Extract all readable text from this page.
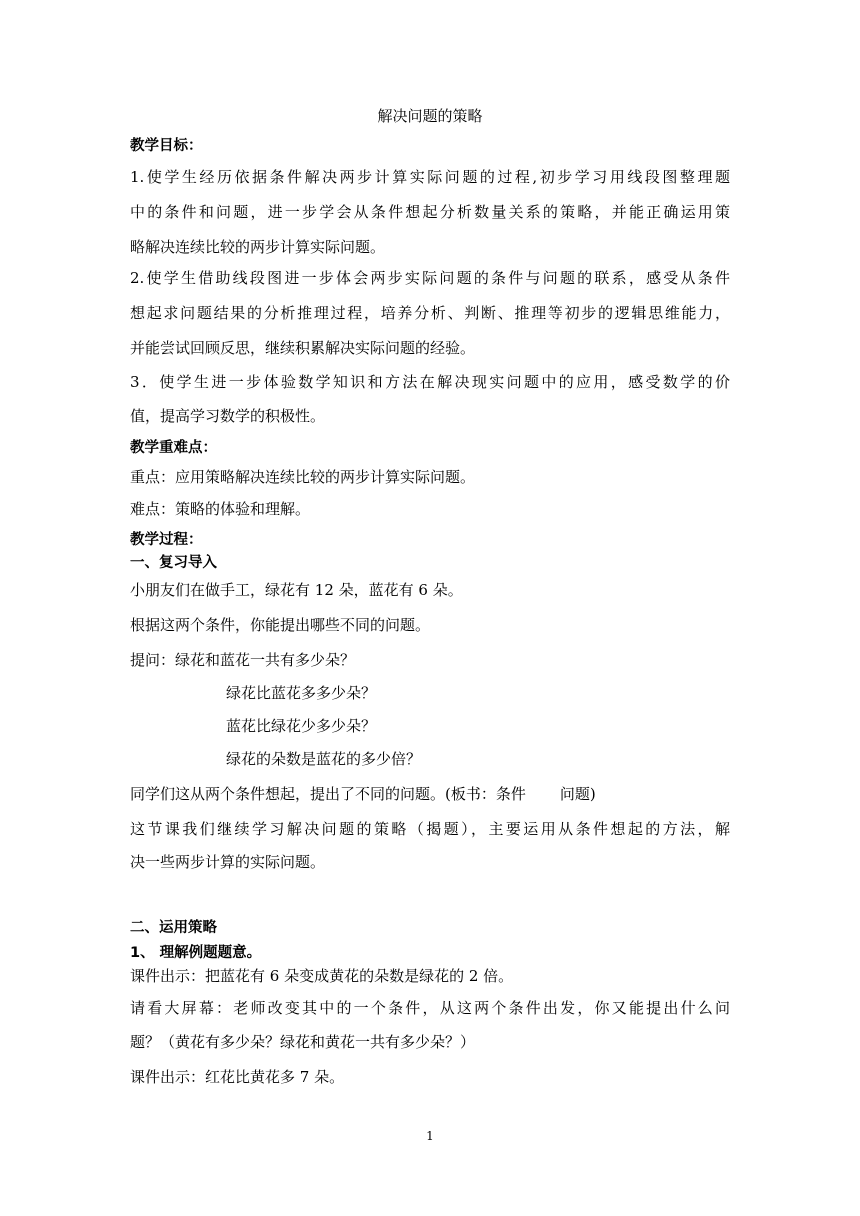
解决问题的策略
教学目标：
1.使学生经历依据条件解决两步计算实际问题的过程,初步学习用线段图整理题
中的条件和问题，进一步学会从条件想起分析数量关系的策略，并能正确运用策
略解决连续比较的两步计算实际问题。
2.使学生借助线段图进一步体会两步实际问题的条件与问题的联系，感受从条件
想起求问题结果的分析推理过程，培养分析、判断、推理等初步的逻辑思维能力，
并能尝试回顾反思，继续积累解决实际问题的经验。
3．使学生进一步体验数学知识和方法在解决现实问题中的应用，感受数学的价
值，提高学习数学的积极性。
教学重难点：
重点：应用策略解决连续比较的两步计算实际问题。
难点：策略的体验和理解。
教学过程：
一、复习导入
小朋友们在做手工，绿花有 12 朵，蓝花有 6 朵。
根据这两个条件，你能提出哪些不同的问题。
提问：绿花和蓝花一共有多少朵？
绿花比蓝花多多少朵？
蓝花比绿花少多少朵？
绿花的朵数是蓝花的多少倍？
同学们这从两个条件想起，提出了不同的问题。(板书：条件 问题)
这节课我们继续学习解决问题的策略（揭题），主要运用从条件想起的方法，解
决一些两步计算的实际问题。
二、运用策略
1、 理解例题题意。
课件出示：把蓝花有 6 朵变成黄花的朵数是绿花的 2 倍。
请看大屏幕：老师改变其中的一个条件，从这两个条件出发，你又能提出什么问
题？（黄花有多少朵？绿花和黄花一共有多少朵？）
课件出示：红花比黄花多 7 朵。
1
